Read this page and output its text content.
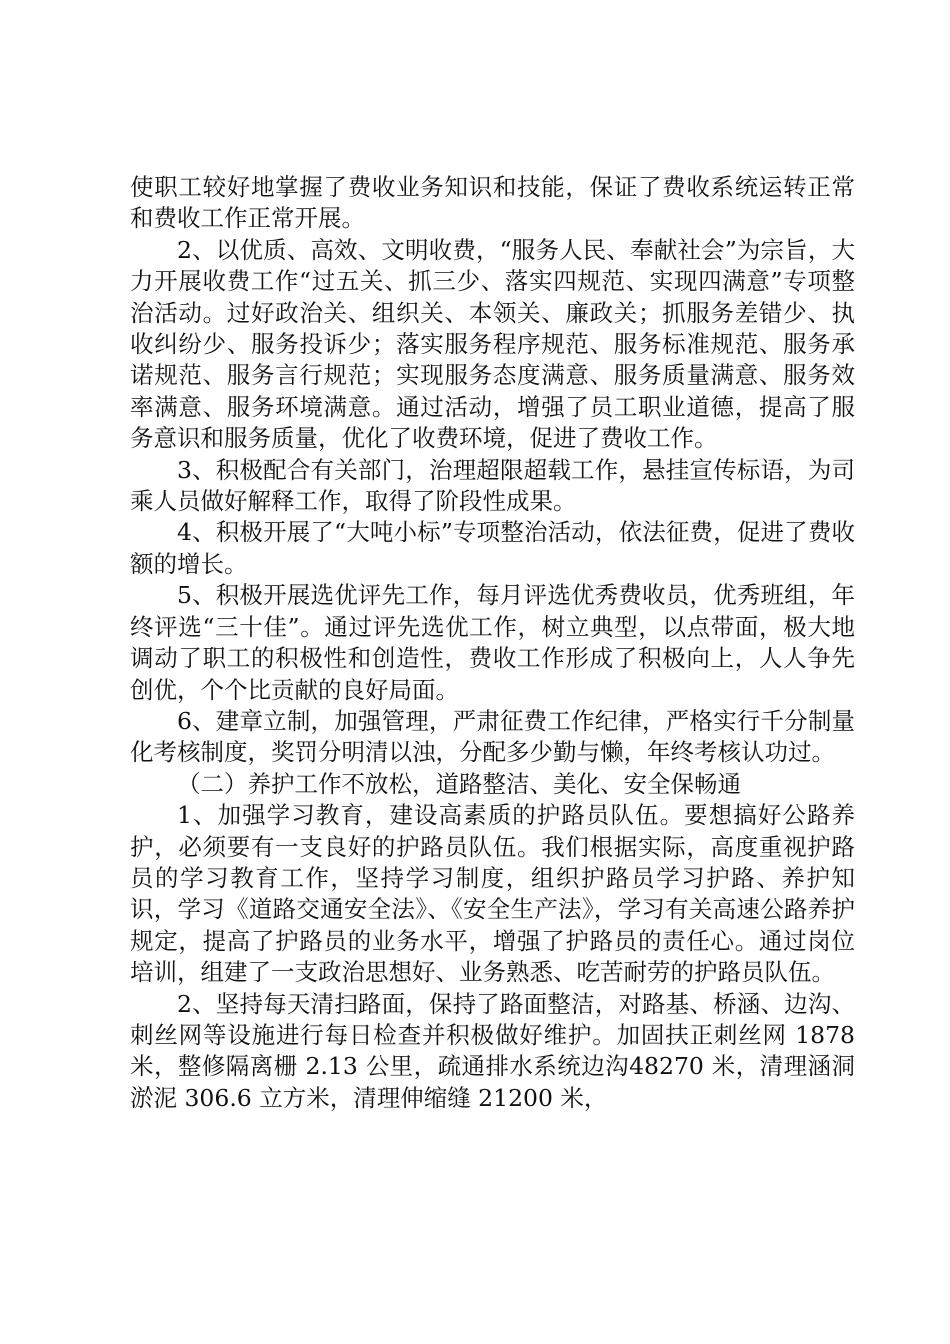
使职工较好地掌握了费收业务知识和技能，保证了费收系统运转正常和费收工作正常开展。

2、以优质、高效、文明收费，“服务人民、奉献社会”为宗旨，大力开展收费工作“过五关、抓三少、落实四规范、实现四满意”专项整治活动。过好政治关、组织关、本领关、廉政关；抓服务差错少、执收纠纷少、服务投诉少；落实服务程序规范、服务标准规范、服务承诺规范、服务言行规范；实现服务态度满意、服务质量满意、服务效率满意、服务环境满意。通过活动，增强了员工职业道德，提高了服务意识和服务质量，优化了收费环境，促进了费收工作。

3、积极配合有关部门，治理超限超载工作，悬挂宣传标语，为司乘人员做好解释工作，取得了阶段性成果。

4、积极开展了“大吨小标”专项整治活动，依法征费，促进了费收额的增长。

5、积极开展选优评先工作，每月评选优秀费收员，优秀班组，年终评选“三十佳”。通过评先选优工作，树立典型，以点带面，极大地调动了职工的积极性和创造性，费收工作形成了积极向上，人人争先创优，个个比贡献的良好局面。

6、建章立制，加强管理，严肃征费工作纪律，严格实行千分制量化考核制度，奖罚分明清以浊，分配多少勤与懒，年终考核认功过。

（二）养护工作不放松，道路整洁、美化、安全保畅通

1、加强学习教育，建设高素质的护路员队伍。要想搞好公路养护，必须要有一支良好的护路员队伍。我们根据实际，高度重视护路员的学习教育工作，坚持学习制度，组织护路员学习护路、养护知识，学习《道路交通安全法》、《安全生产法》，学习有关高速公路养护规定，提高了护路员的业务水平，增强了护路员的责任心。通过岗位培训，组建了一支政治思想好、业务熟悉、吃苦耐劳的护路员队伍。

2、坚持每天清扫路面，保持了路面整洁，对路基、桥涵、边沟、刺丝网等设施进行每日检查并积极做好维护。加固扶正刺丝网 1878 米，整修隔离栅 2.13 公里，疏通排水系统边沟48270 米，清理涵洞淤泥 306.6 立方米，清理伸缩缝 21200 米，
